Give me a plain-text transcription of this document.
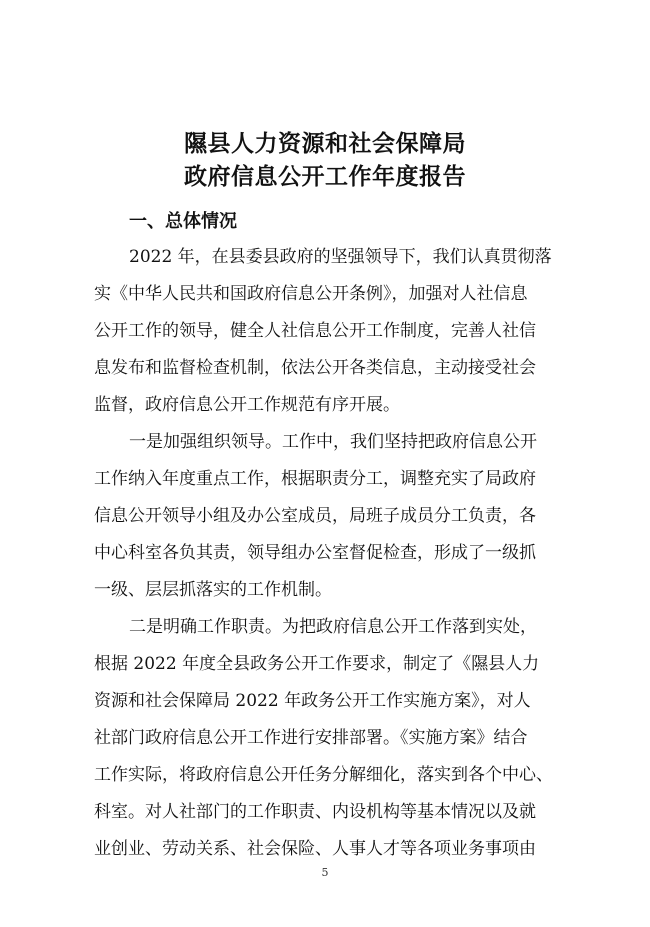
隰县人力资源和社会保障局
政府信息公开工作年度报告
一、总体情况
2022 年，在县委县政府的坚强领导下，我们认真贯彻落
实《中华人民共和国政府信息公开条例》，加强对人社信息
公开工作的领导，健全人社信息公开工作制度，完善人社信
息发布和监督检查机制，依法公开各类信息，主动接受社会
监督，政府信息公开工作规范有序开展。
一是加强组织领导。工作中，我们坚持把政府信息公开
工作纳入年度重点工作，根据职责分工，调整充实了局政府
信息公开领导小组及办公室成员，局班子成员分工负责，各
中心科室各负其责，领导组办公室督促检查，形成了一级抓
一级、层层抓落实的工作机制。
二是明确工作职责。为把政府信息公开工作落到实处，
根据 2022 年度全县政务公开工作要求，制定了《隰县人力
资源和社会保障局 2022 年政务公开工作实施方案》，对人
社部门政府信息公开工作进行安排部署。《实施方案》结合
工作实际，将政府信息公开任务分解细化，落实到各个中心、
科室。对人社部门的工作职责、内设机构等基本情况以及就
业创业、劳动关系、社会保险、人事人才等各项业务事项由
5
